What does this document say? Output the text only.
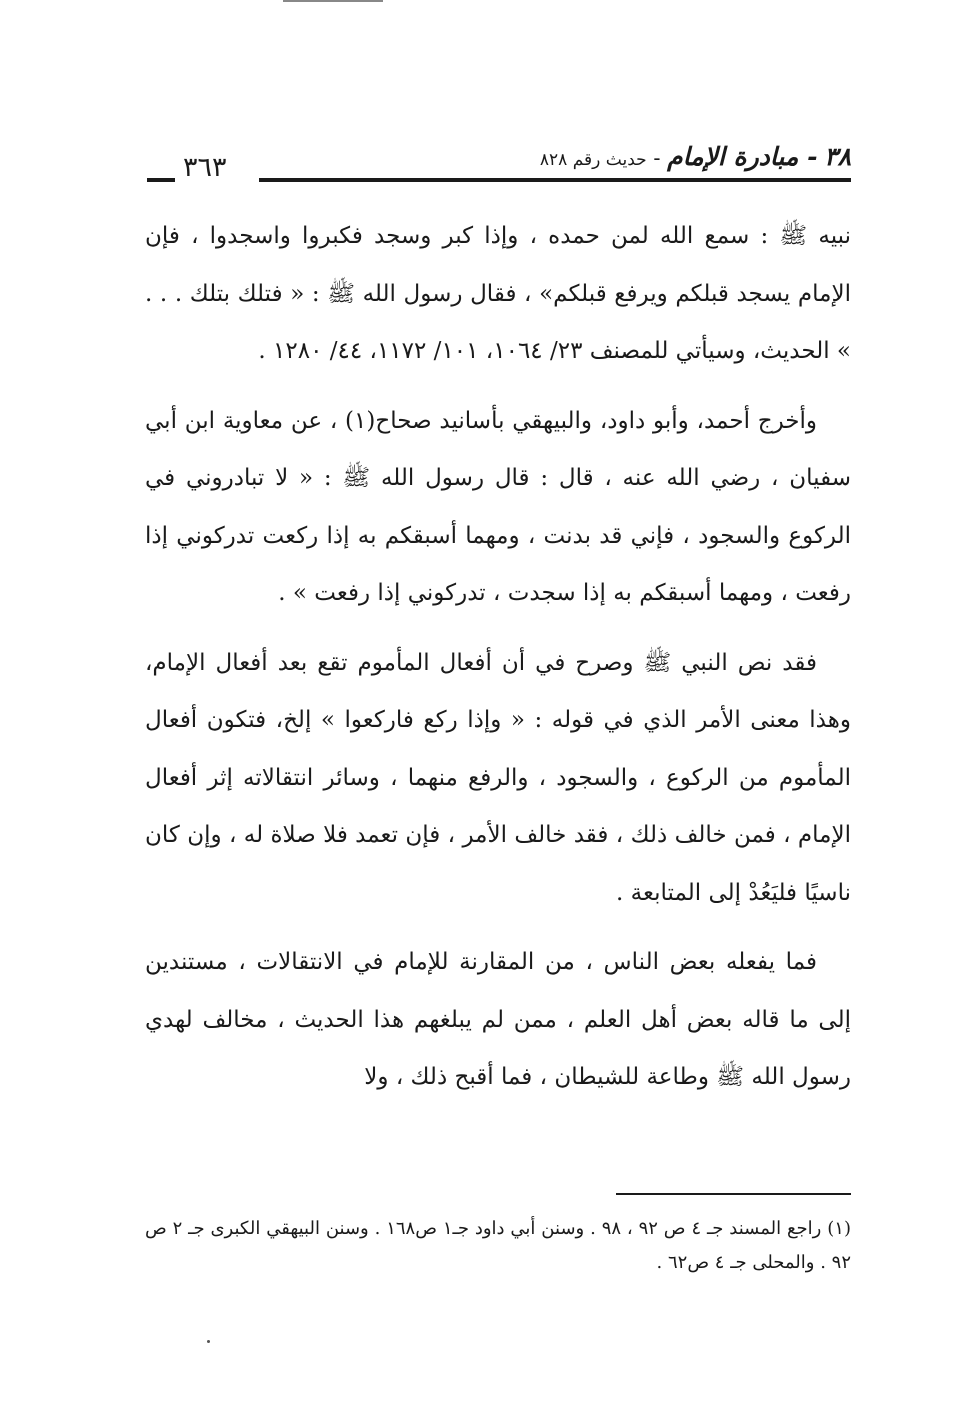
٣٨ - مبادرة الإمام - حديث رقم ٨٢٨
٣٦٣

نبيه ﷺ : سمع الله لمن حمده ، وإذا كبر وسجد فكبروا واسجدوا ، فإن الإمام يسجد قبلكم ويرفع قبلكم» ، فقال رسول الله ﷺ : « فتلك بتلك . . . » الحديث، وسيأتي للمصنف ٢٣/ ١٠٦٤، ١٠١/ ١١٧٢، ٤٤/ ١٢٨٠ .

وأخرج أحمد، وأبو داود، والبيهقي بأسانيد صحاح(١) ، عن معاوية ابن أبي سفيان ، رضي الله عنه ، قال : قال رسول الله ﷺ : « لا تبادروني في الركوع والسجود ، فإني قد بدنت ، ومهما أسبقكم به إذا ركعت تدركوني إذا رفعت ، ومهما أسبقكم به إذا سجدت ، تدركوني إذا رفعت » .

فقد نص النبي ﷺ وصرح في أن أفعال المأموم تقع بعد أفعال الإمام، وهذا معنى الأمر الذي في قوله : « وإذا ركع فاركعوا » إلخ، فتكون أفعال المأموم من الركوع ، والسجود ، والرفع منهما ، وسائر انتقالاته إثر أفعال الإمام ، فمن خالف ذلك ، فقد خالف الأمر ، فإن تعمد فلا صلاة له ، وإن كان ناسيًا فليَعُدْ إلى المتابعة .

فما يفعله بعض الناس ، من المقارنة للإمام في الانتقالات ، مستندين إلى ما قاله بعض أهل العلم ، ممن لم يبلغهم هذا الحديث ، مخالف لهدي رسول الله ﷺ وطاعة للشيطان ، فما أقبح ذلك ، ولا

(١) راجع المسند جـ ٤ ص ٩٢ ، ٩٨ . وسنن أبي داود جـ١ ص١٦٨ . وسنن البيهقي الكبرى جـ ٢ ص ٩٢ . والمحلى جـ ٤ ص٦٢ .
